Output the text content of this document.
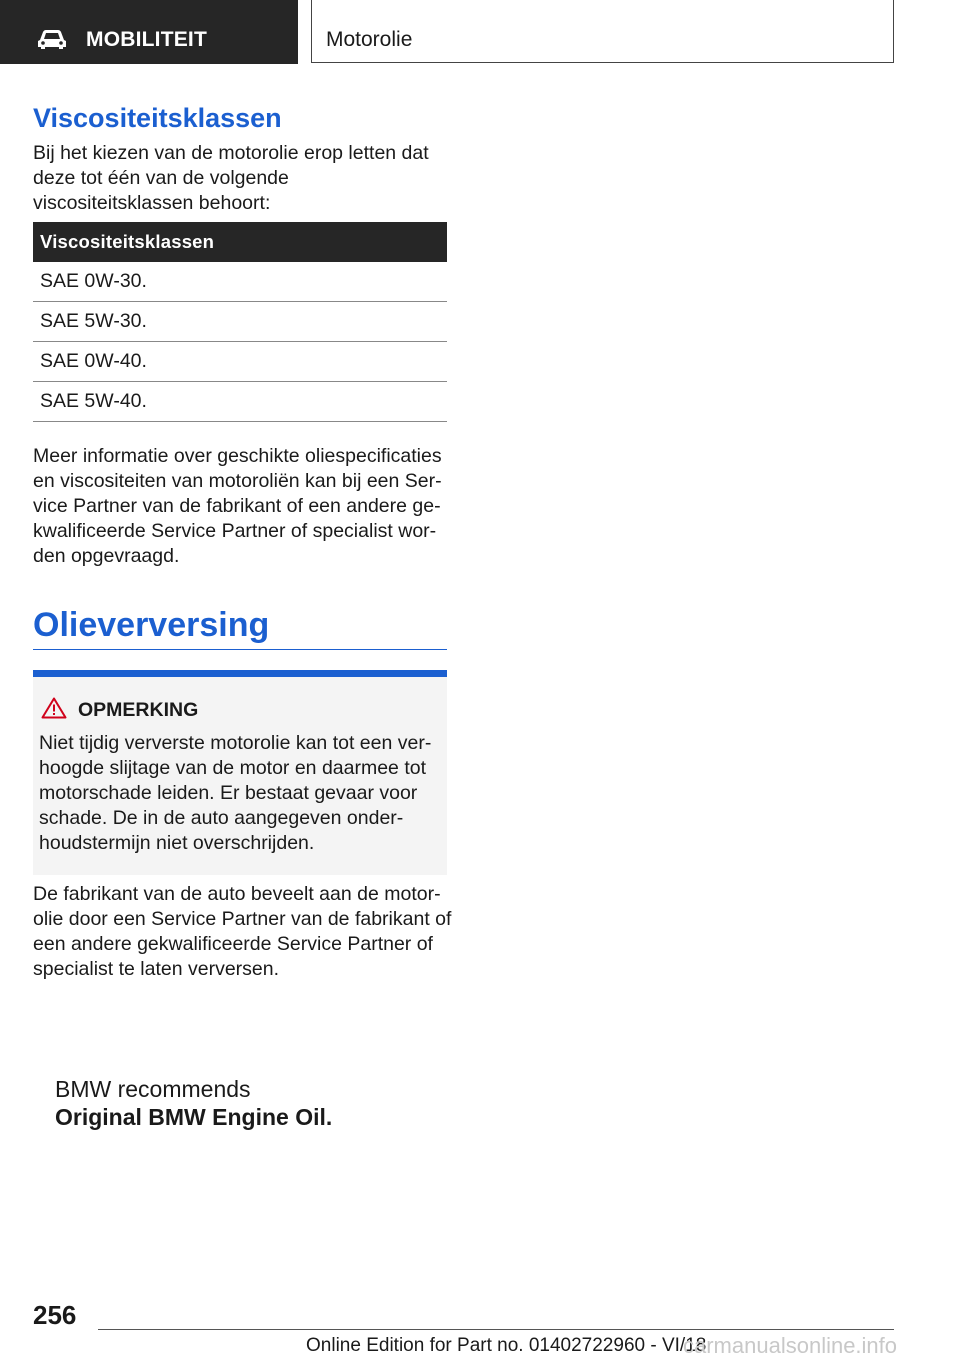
MOBILITEIT	Motorolie
Viscositeitsklassen

Bij het kiezen van de motorolie erop letten dat deze tot één van de volgende viscositeitsklassen behoort:

Viscositeitsklassen
SAE 0W-30.
SAE 5W-30.
SAE 0W-40.
SAE 5W-40.

Meer informatie over geschikte oliespecificaties en viscositeiten van motoroliën kan bij een Ser-vice Partner van de fabrikant of een andere ge-kwalificeerde Service Partner of specialist wor-den opgevraagd.

Olieverversing
OPMERKING

Niet tijdig ververste motorolie kan tot een ver-hoogde slijtage van de motor en daarmee tot motorschade leiden. Er bestaat gevaar voor schade. De in de auto aangegeven onder-houdstermijn niet overschrijden.

De fabrikant van de auto beveelt aan de motor-olie door een Service Partner van de fabrikant of een andere gekwalificeerde Service Partner of specialist te laten verversen.

BMW recommends
Original BMW Engine Oil.
256
Online Edition for Part no. 01402722960 - VI/18
carmanualsonline.info
